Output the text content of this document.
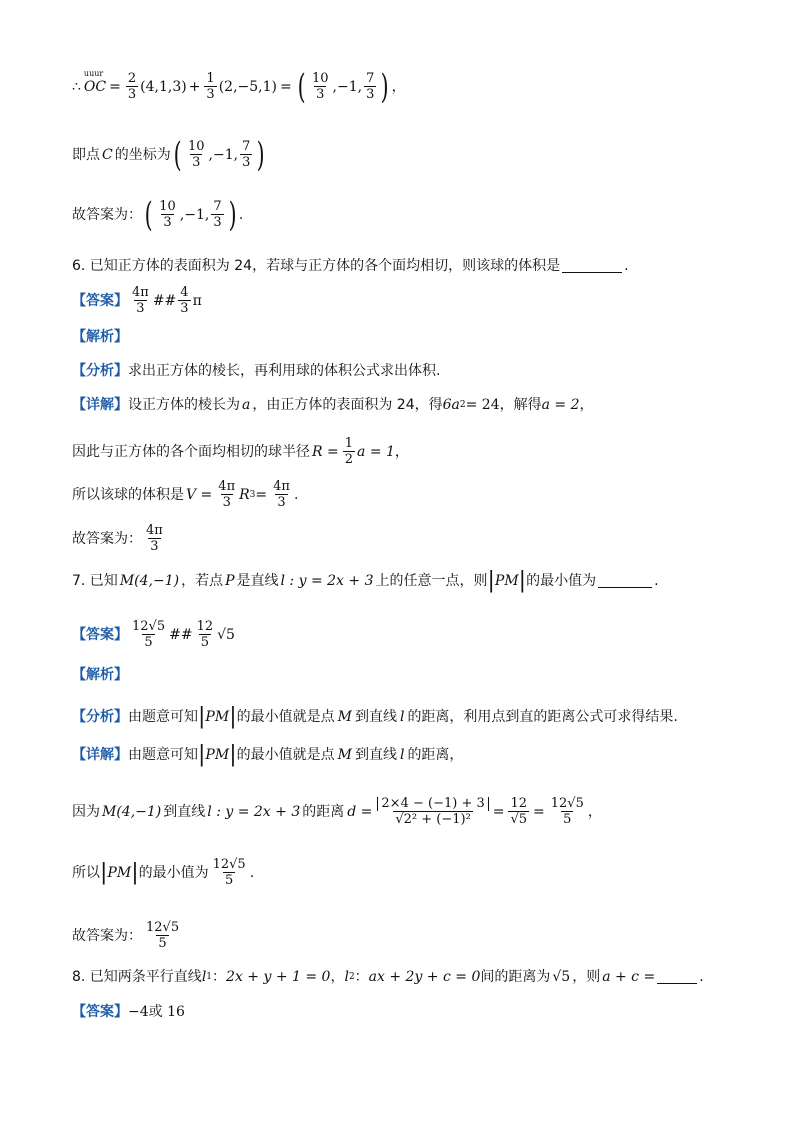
∴
uuur
OC = $\frac{2}{3} (4,1,3) + \frac{1}{3} (2,-5,1)$ = ( $\frac{10}{3} ,-1$, $\frac{7}{3}$ ) ，
即点 C 的坐标为 ( $\frac{10}{3} ,-1$, $\frac{7}{3}$ )
故答案为： ( $\frac{10}{3} ,-1$, $\frac{7}{3}$ ) .
6. 已知正方体的表面积为 24，若球与正方体的各个面均相切，则该球的体积是	.
【答案】 $\frac{4\pi}{3}$ ## $\frac{4}{3}$ π
【解析】
【分析】 求出正方体的棱长，再利用球的体积公式求出体积.
【详解】 设正方体的棱长为 a ，由正方体的表面积为 24，得 6a 2 = 24 ，解得 a = 2 ，
因此与正方体的各个面均相切的球半径 $R = \frac{1}{2}$ a = 1 ，
所以该球的体积是 $V = \frac{4\pi}{3}$ R $3 = \frac{4\pi}{3}$ .
故答案为： $\frac{4\pi}{3}$
7. 已知 M(4,−1) ，若点 P 是直线 l : y = 2x + 3 上的任意一点，则 | PM | 的最小值为	.
【答案】 $\frac{12√5}{5}$ ## $\frac{12}{5} √5$
【解析】
【分析】 由题意可知 | PM | 的最小值就是点 M 到直线 l 的距离，利用点到直的距离公式可求得结果.
【详解】 由题意可知 | PM | 的最小值就是点 M 到直线 l 的距离，
因为 M(4,−1) 到直线 l : y = 2x + 3 的距离 $d = \frac{2\times 4 - (-1) + 3}{\text{√2² + (−1)²}} = \frac{12}{√5} = \frac{12√5}{5}$ ，
所以 | PM | 的最小值为 $\frac{12√5}{5}$ .
故答案为： $\frac{12√5}{5}$
8. 已知两条平行直线 l 1 ： 2x + y + 1 = 0 ， l 2 ： ax + 2y + c = 0 间的距离为 √5 ，则 a + c =	.
【答案】 −4或 16
